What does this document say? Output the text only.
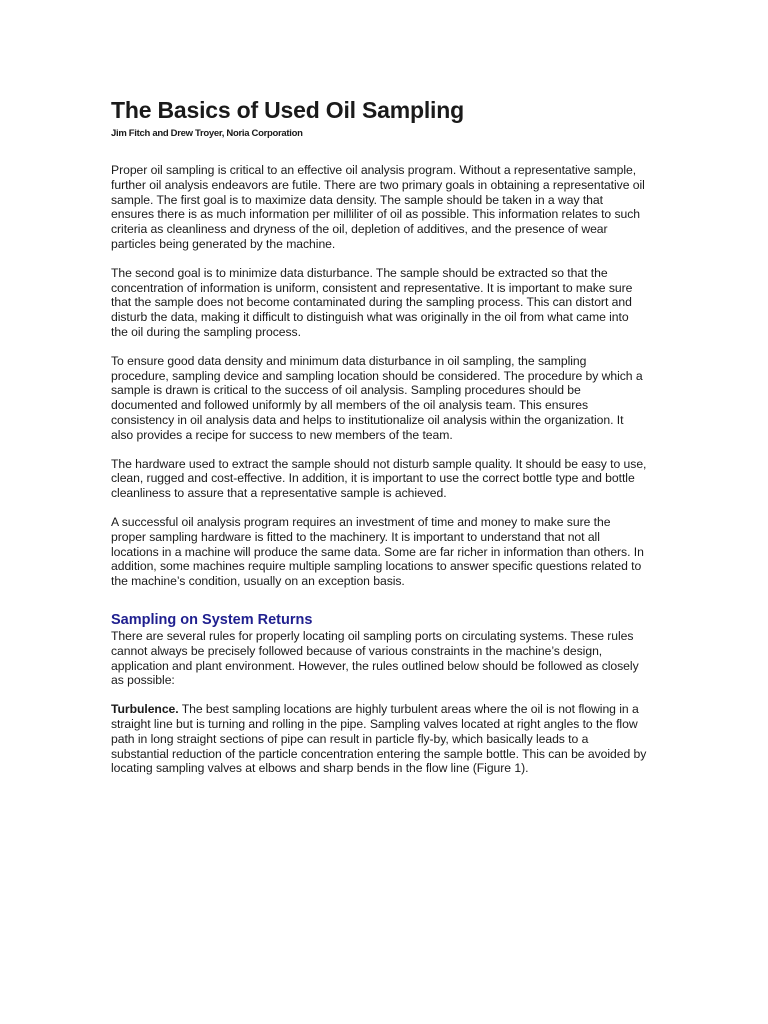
The Basics of Used Oil Sampling

Jim Fitch and Drew Troyer, Noria Corporation

Proper oil sampling is critical to an effective oil analysis program. Without a representative sample, further oil analysis endeavors are futile. There are two primary goals in obtaining a representative oil sample. The first goal is to maximize data density. The sample should be taken in a way that ensures there is as much information per milliliter of oil as possible. This information relates to such criteria as cleanliness and dryness of the oil, depletion of additives, and the presence of wear particles being generated by the machine.

The second goal is to minimize data disturbance. The sample should be extracted so that the concentration of information is uniform, consistent and representative. It is important to make sure that the sample does not become contaminated during the sampling process. This can distort and disturb the data, making it difficult to distinguish what was originally in the oil from what came into the oil during the sampling process.

To ensure good data density and minimum data disturbance in oil sampling, the sampling procedure, sampling device and sampling location should be considered. The procedure by which a sample is drawn is critical to the success of oil analysis. Sampling procedures should be documented and followed uniformly by all members of the oil analysis team. This ensures consistency in oil analysis data and helps to institutionalize oil analysis within the organization. It also provides a recipe for success to new members of the team.

The hardware used to extract the sample should not disturb sample quality. It should be easy to use, clean, rugged and cost-effective. In addition, it is important to use the correct bottle type and bottle cleanliness to assure that a representative sample is achieved.

A successful oil analysis program requires an investment of time and money to make sure the proper sampling hardware is fitted to the machinery. It is important to understand that not all locations in a machine will produce the same data. Some are far richer in information than others. In addition, some machines require multiple sampling locations to answer specific questions related to the machine’s condition, usually on an exception basis.

Sampling on System Returns

There are several rules for properly locating oil sampling ports on circulating systems. These rules cannot always be precisely followed because of various constraints in the machine’s design, application and plant environment. However, the rules outlined below should be followed as closely as possible:

Turbulence. The best sampling locations are highly turbulent areas where the oil is not flowing in a straight line but is turning and rolling in the pipe. Sampling valves located at right angles to the flow path in long straight sections of pipe can result in particle fly-by, which basically leads to a substantial reduction of the particle concentration entering the sample bottle. This can be avoided by locating sampling valves at elbows and sharp bends in the flow line (Figure 1).
